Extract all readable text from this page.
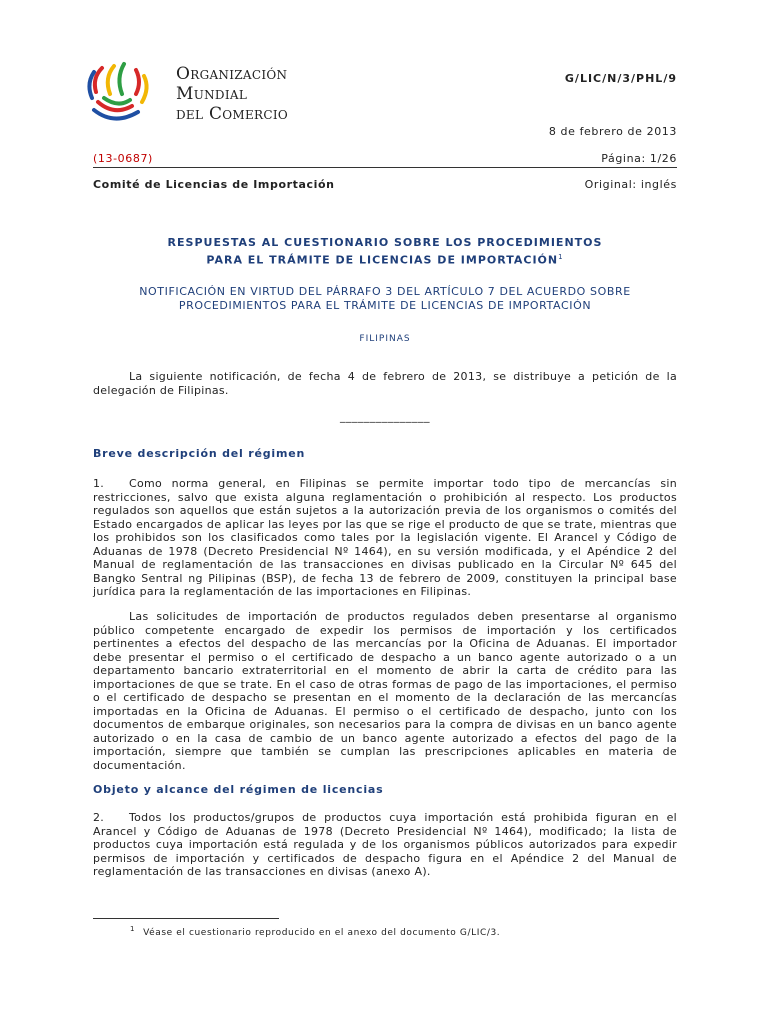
Organización
Mundial
del Comercio
G/LIC/N/3/PHL/9
8 de febrero de 2013
(13-0687)	Página: 1/26
Comité de Licencias de Importación	Original: inglés
RESPUESTAS AL CUESTIONARIO SOBRE LOS PROCEDIMIENTOS
PARA EL TRÁMITE DE LICENCIAS DE IMPORTACIÓN$^1$
NOTIFICACIÓN EN VIRTUD DEL PÁRRAFO 3 DEL ARTÍCULO 7 DEL ACUERDO SOBRE
PROCEDIMIENTOS PARA EL TRÁMITE DE LICENCIAS DE IMPORTACIÓN
FILIPINAS
La siguiente notificación, de fecha 4 de febrero de 2013, se distribuye a petición de la delegación de Filipinas.
_______________
Breve descripción del régimen
1. Como norma general, en Filipinas se permite importar todo tipo de mercancías sin restricciones, salvo que exista alguna reglamentación o prohibición al respecto. Los productos regulados son aquellos que están sujetos a la autorización previa de los organismos o comités del Estado encargados de aplicar las leyes por las que se rige el producto de que se trate, mientras que los prohibidos son los clasificados como tales por la legislación vigente. El Arancel y Código de Aduanas de 1978 (Decreto Presidencial Nº 1464), en su versión modificada, y el Apéndice 2 del Manual de reglamentación de las transacciones en divisas publicado en la Circular Nº 645 del Bangko Sentral ng Pilipinas (BSP), de fecha 13 de febrero de 2009, constituyen la principal base jurídica para la reglamentación de las importaciones en Filipinas.
Las solicitudes de importación de productos regulados deben presentarse al organismo público competente encargado de expedir los permisos de importación y los certificados pertinentes a efectos del despacho de las mercancías por la Oficina de Aduanas. El importador debe presentar el permiso o el certificado de despacho a un banco agente autorizado o a un departamento bancario extraterritorial en el momento de abrir la carta de crédito para las importaciones de que se trate. En el caso de otras formas de pago de las importaciones, el permiso o el certificado de despacho se presentan en el momento de la declaración de las mercancías importadas en la Oficina de Aduanas. El permiso o el certificado de despacho, junto con los documentos de embarque originales, son necesarios para la compra de divisas en un banco agente autorizado o en la casa de cambio de un banco agente autorizado a efectos del pago de la importación, siempre que también se cumplan las prescripciones aplicables en materia de documentación.
Objeto y alcance del régimen de licencias
2. Todos los productos/grupos de productos cuya importación está prohibida figuran en el Arancel y Código de Aduanas de 1978 (Decreto Presidencial Nº 1464), modificado; la lista de productos cuya importación está regulada y de los organismos públicos autorizados para expedir permisos de importación y certificados de despacho figura en el Apéndice 2 del Manual de reglamentación de las transacciones en divisas (anexo A).
$^1$ Véase el cuestionario reproducido en el anexo del documento G/LIC/3.
